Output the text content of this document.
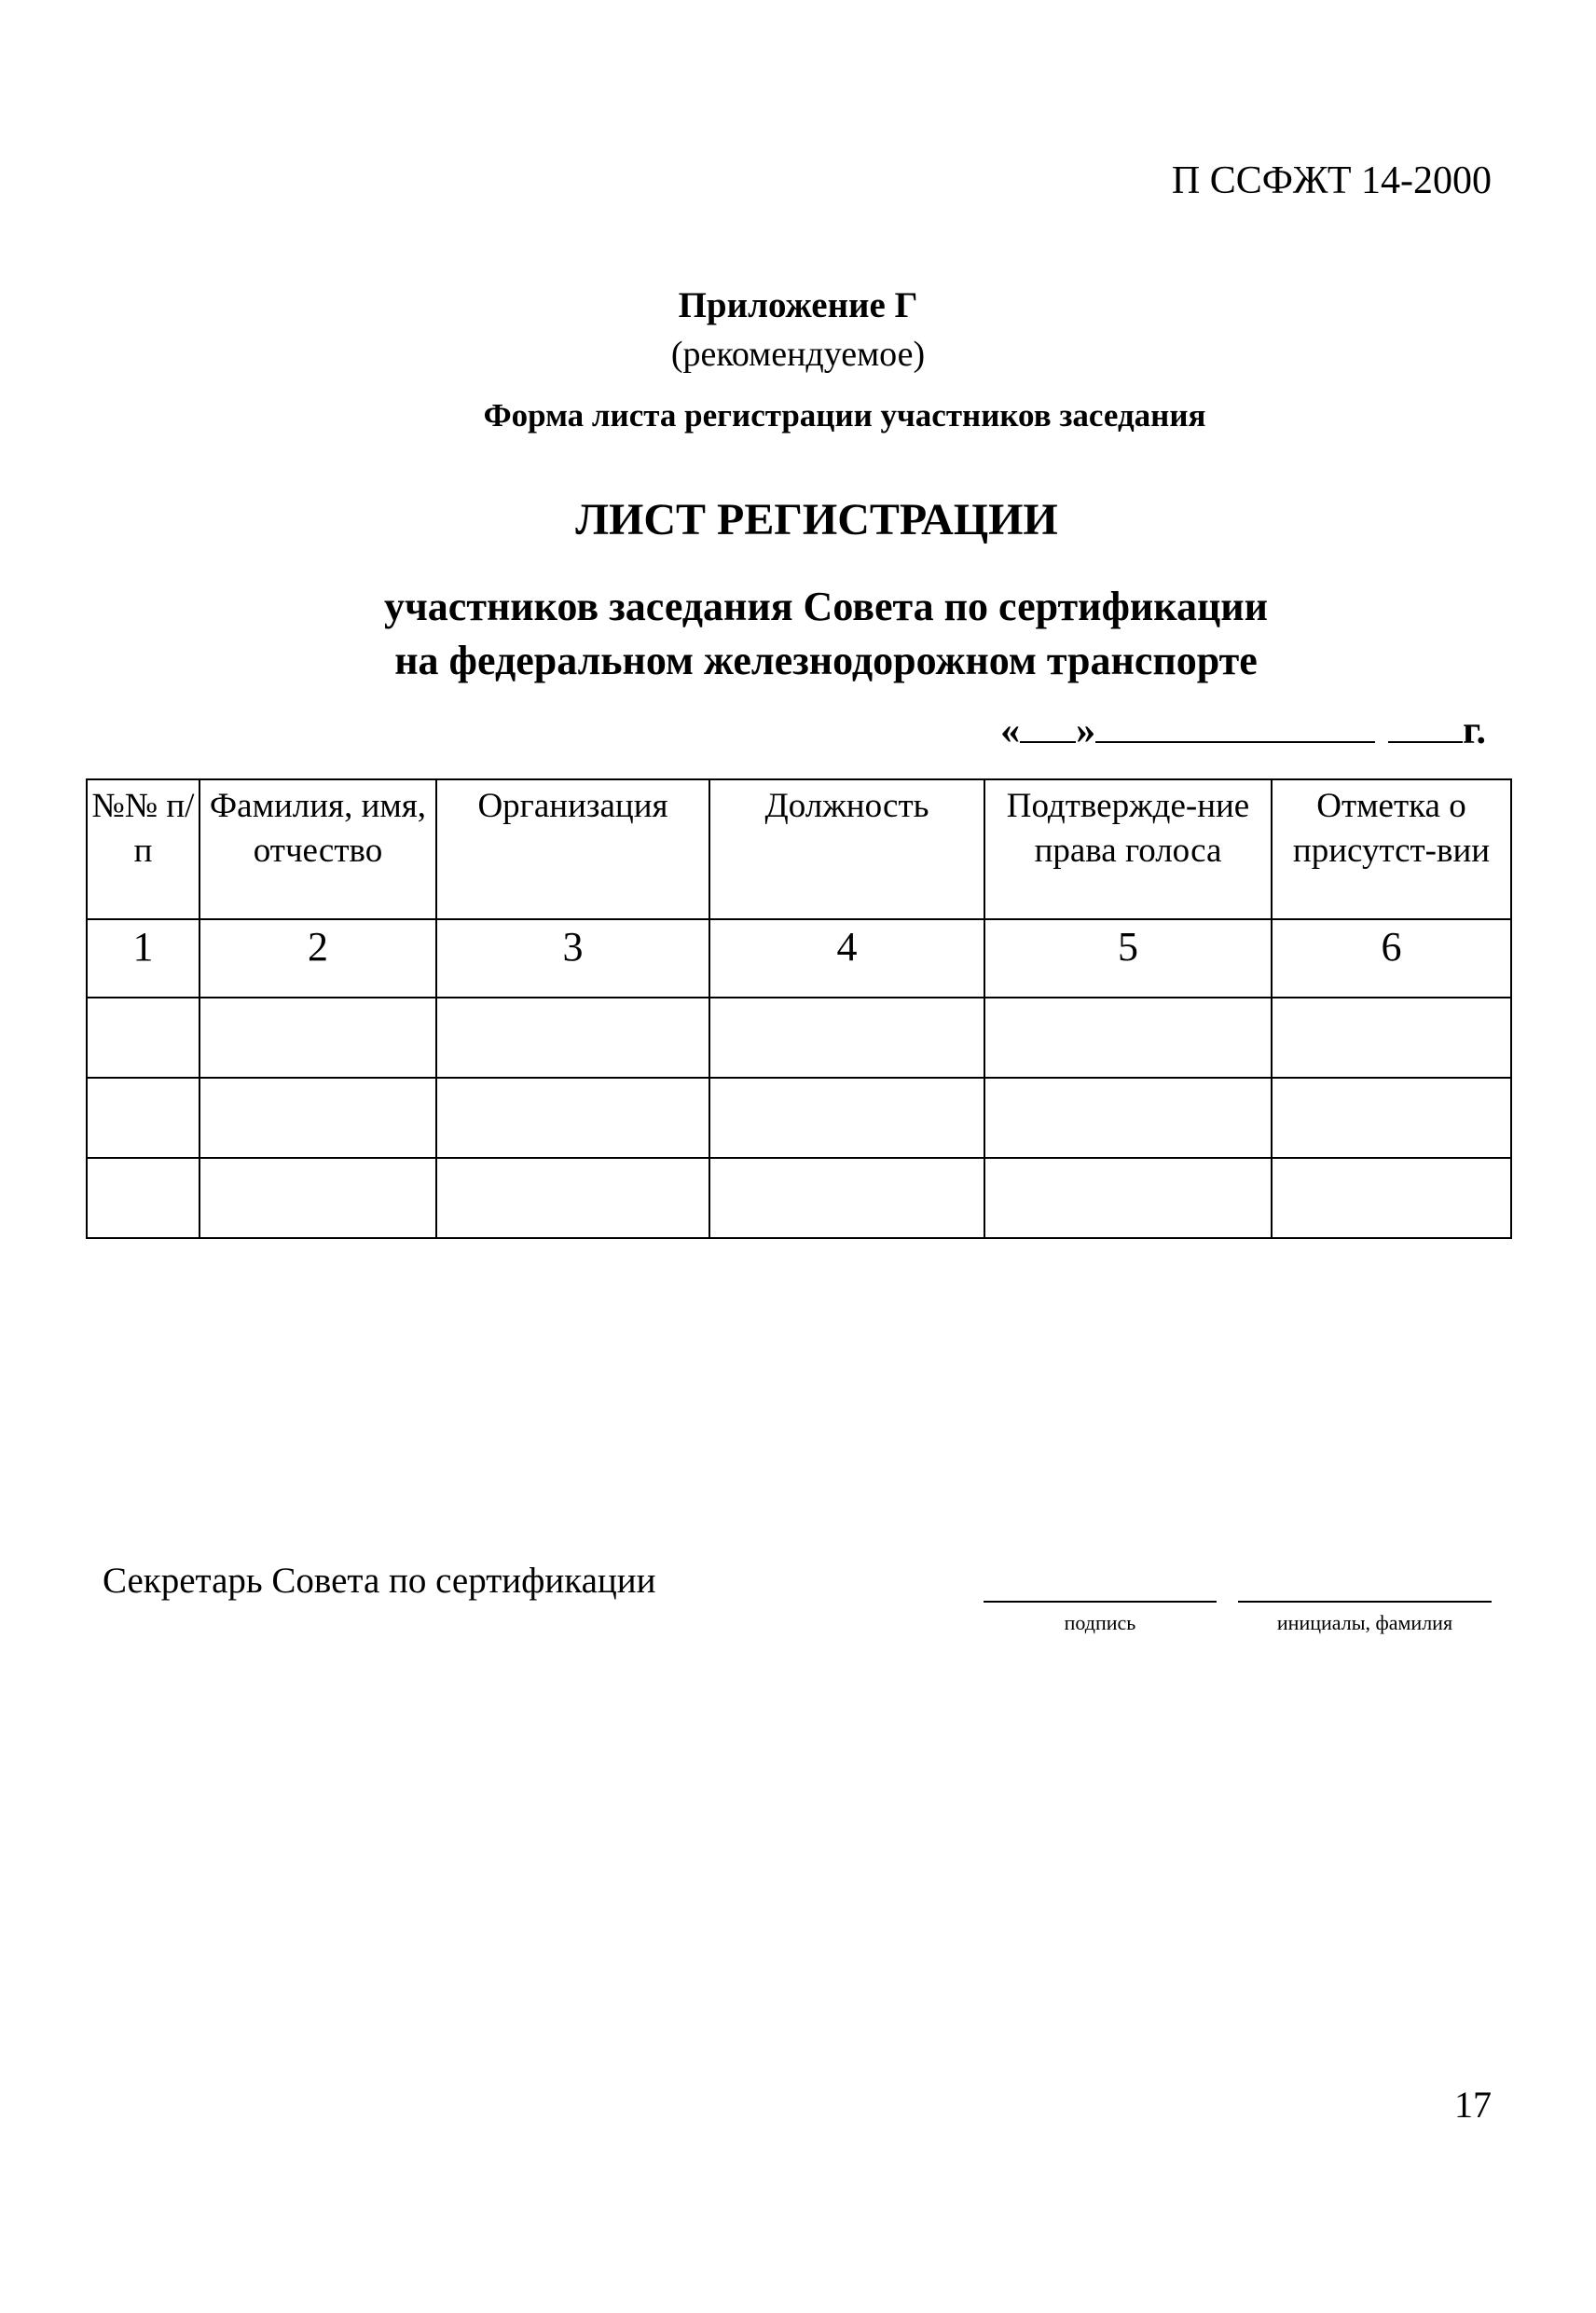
П ССФЖТ 14-2000
Приложение Г
(рекомендуемое)
Форма листа регистрации участников заседания
ЛИСТ РЕГИСТРАЦИИ
участников заседания Совета по сертификации
на федеральном железнодорожном транспорте
« »	г.
№№ п/п	Фамилия, имя, отчество	Организация	Должность	Подтвержде-ние права голоса	Отметка о присутст-вии
1	2	3	4	5	6

Секретарь Совета по сертификации
подпись	инициалы, фамилия
17
